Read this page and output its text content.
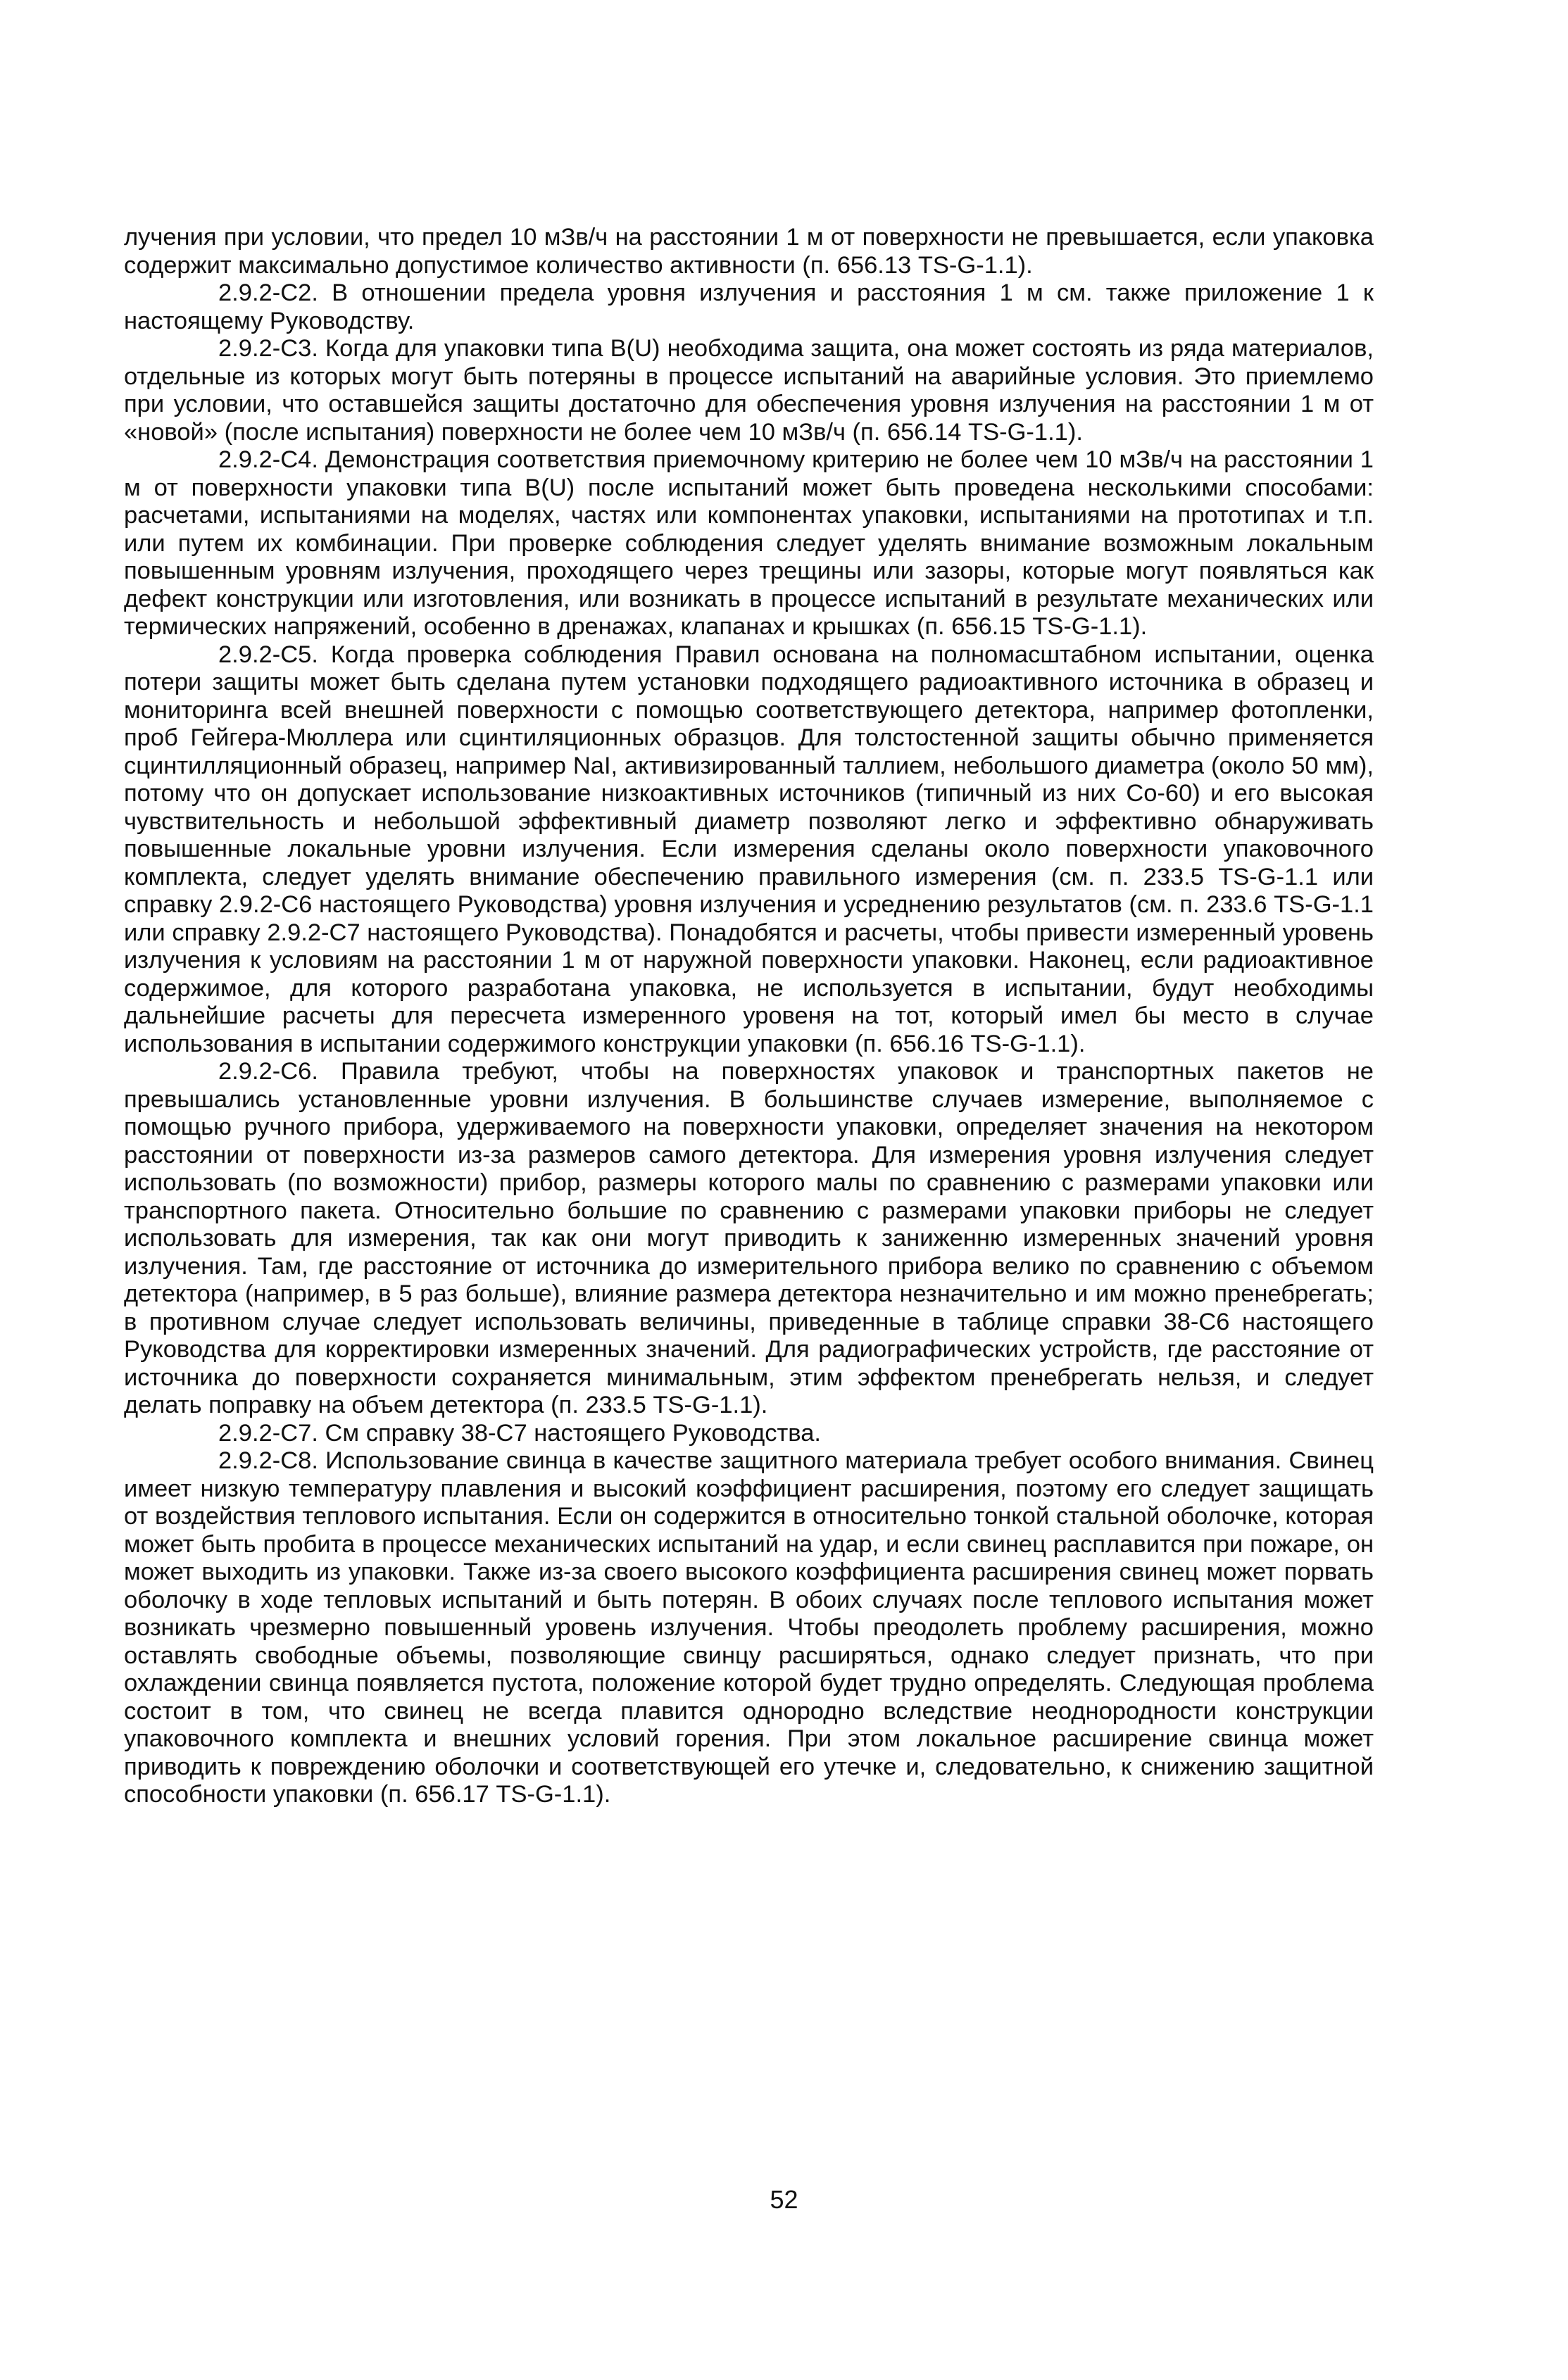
лучения при условии, что предел 10 мЗв/ч на расстоянии 1 м от поверхности не превышается, если упаковка содержит максимально допустимое количество активности (п. 656.13 TS-G-1.1).

2.9.2-С2. В отношении предела уровня излучения и расстояния 1 м см. также приложение 1 к настоящему Руководству.

2.9.2-С3. Когда для упаковки типа В(U) необходима защита, она может состоять из ряда материалов, отдельные из которых могут быть потеряны в процессе испытаний на аварийные условия. Это приемлемо при условии, что оставшейся защиты достаточно для обеспечения уровня излучения на расстоянии 1 м от «новой» (после испытания) поверхности не более чем 10 мЗв/ч (п. 656.14 TS-G-1.1).

2.9.2-С4. Демонстрация соответствия приемочному критерию не более чем 10 мЗв/ч на расстоянии 1 м от поверхности упаковки типа В(U) после испытаний может быть проведена несколькими способами: расчетами, испытаниями на моделях, частях или компонентах упаковки, испытаниями на прототипах и т.п. или путем их комбинации. При проверке соблюдения следует уделять внимание возможным локальным повышенным уровням излучения, проходящего через трещины или зазоры, которые могут появляться как дефект конструкции или изготовления, или возникать в процессе испытаний в результате механических или термических напряжений, особенно в дренажах, клапанах и крышках (п. 656.15 TS-G-1.1).

2.9.2-С5. Когда проверка соблюдения Правил основана на полномасштабном испытании, оценка потери защиты может быть сделана путем установки подходящего радиоактивного источника в образец и мониторинга всей внешней поверхности с помощью соответствующего детектора, например фотопленки, проб Гейгера-Мюллера или сцинтиляционных образцов. Для толстостенной защиты обычно применяется сцинтилляционный образец, например NaI, активизированный таллием, небольшого диаметра (около 50 мм), потому что он допускает использование низкоактивных источников (типичный из них Со-60) и его высокая чувствительность и небольшой эффективный диаметр позволяют легко и эффективно обнаруживать повышенные локальные уровни излучения. Если измерения сделаны около поверхности упаковочного комплекта, следует уделять внимание обеспечению правильного измерения (см. п. 233.5 TS-G-1.1 или справку 2.9.2-С6 настоящего Руководства) уровня излучения и усреднению результатов (см. п. 233.6 TS-G-1.1 или справку 2.9.2-С7 настоящего Руководства). Понадобятся и расчеты, чтобы привести измеренный уровень излучения к условиям на расстоянии 1 м от наружной поверхности упаковки. Наконец, если радиоактивное содержимое, для которого разработана упаковка, не используется в испытании, будут необходимы дальнейшие расчеты для пересчета измеренного уровеня на тот, который имел бы место в случае использования в испытании содержимого конструкции упаковки (п. 656.16 TS-G-1.1).

2.9.2-С6. Правила требуют, чтобы на поверхностях упаковок и транспортных пакетов не превышались установленные уровни излучения. В большинстве случаев измерение, выполняемое с помощью ручного прибора, удерживаемого на поверхности упаковки, определяет значения на некотором расстоянии от поверхности из-за размеров самого детектора. Для измерения уровня излучения следует использовать (по возможности) прибор, размеры которого малы по сравнению с размерами упаковки или транспортного пакета. Относительно большие по сравнению с размерами упаковки приборы не следует использовать для измерения, так как они могут приводить к заниженню измеренных значений уровня излучения. Там, где расстояние от источника до измерительного прибора велико по сравнению с объемом детектора (например, в 5 раз больше), влияние размера детектора незначительно и им можно пренебрегать; в противном случае следует использовать величины, приведенные в таблице справки 38-С6 настоящего Руководства для корректировки измеренных значений. Для радиографических устройств, где расстояние от источника до поверхности сохраняется минимальным, этим эффектом пренебрегать нельзя, и следует делать поправку на объем детектора (п. 233.5 TS-G-1.1).

2.9.2-С7. См справку 38-С7 настоящего Руководства.

2.9.2-С8. Использование свинца в качестве защитного материала требует особого внимания. Свинец имеет низкую температуру плавления и высокий коэффициент расширения, поэтому его следует защищать от воздействия теплового испытания. Если он содержится в относительно тонкой стальной оболочке, которая может быть пробита в процессе механических испытаний на удар, и если свинец расплавится при пожаре, он может выходить из упаковки. Также из-за своего высокого коэффициента расширения свинец может порвать оболочку в ходе тепловых испытаний и быть потерян. В обоих случаях после теплового испытания может возникать чрезмерно повышенный уровень излучения. Чтобы преодолеть проблему расширения, можно оставлять свободные объемы, позволяющие свинцу расширяться, однако следует признать, что при охлаждении свинца появляется пустота, положение которой будет трудно определять. Следующая проблема состоит в том, что свинец не всегда плавится однородно вследствие неоднородности конструкции упаковочного комплекта и внешних условий горения. При этом локальное расширение свинца может приводить к повреждению оболочки и соответствующей его утечке и, следовательно, к снижению защитной способности упаковки (п. 656.17 TS-G-1.1).

52
